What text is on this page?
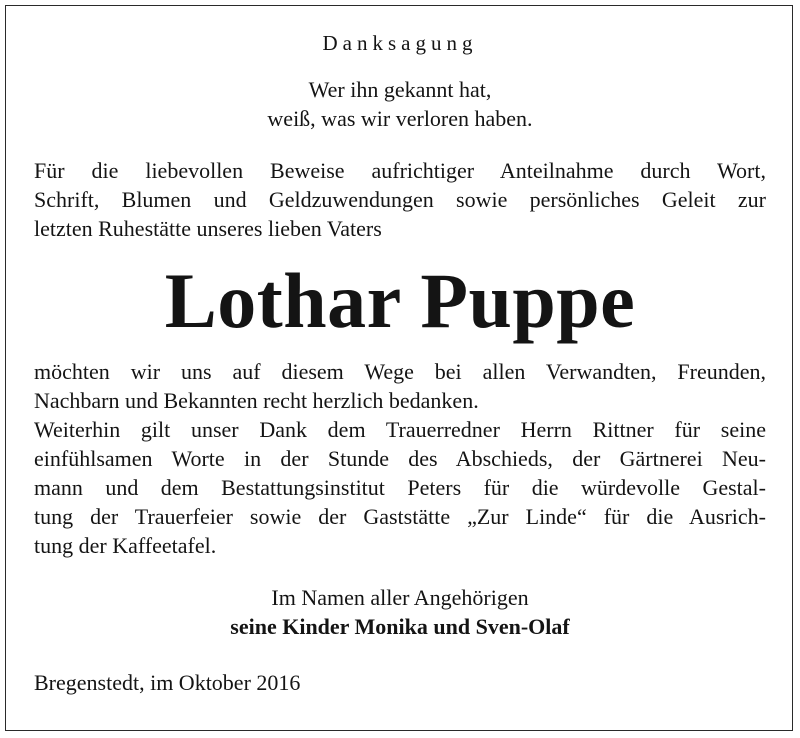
Danksagung

Wer ihn gekannt hat,
weiß, was wir verloren haben.

Für die liebevollen Beweise aufrichtiger Anteilnahme durch Wort,
Schrift, Blumen und Geldzuwendungen sowie persönliches Geleit zur
letzten Ruhestätte unseres lieben Vaters

Lothar Puppe

möchten wir uns auf diesem Wege bei allen Verwandten, Freunden,
Nachbarn und Bekannten recht herzlich bedanken.

Weiterhin gilt unser Dank dem Trauerredner Herrn Rittner für seine
einfühlsamen Worte in der Stunde des Abschieds, der Gärtnerei Neu-
mann und dem Bestattungsinstitut Peters für die würdevolle Gestal-
tung der Trauerfeier sowie der Gaststätte „Zur Linde“ für die Ausrich-
tung der Kaffeetafel.

Im Namen aller Angehörigen
seine Kinder Monika und Sven-Olaf
Bregenstedt, im Oktober 2016
